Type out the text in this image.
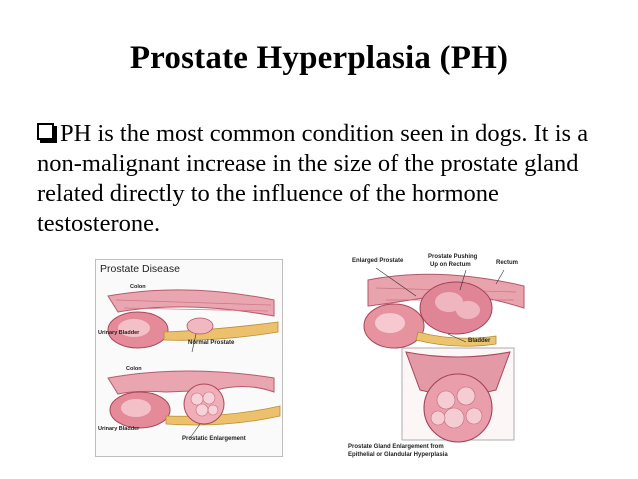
Prostate Hyperplasia (PH)
PH is the most common condition seen in dogs. It is a non-malignant increase in the size of the prostate gland related directly to the influence of the hormone testosterone.
Prostate Disease
Colon
Urinary Bladder
Normal Prostate
Colon
Urinary Bladder
Prostatic Enlargement
Enlarged Prostate
Prostate Pushing
Up on Rectum	Rectum
Bladder
Prostate Gland Enlargement from
Epithelial or Glandular Hyperplasia
